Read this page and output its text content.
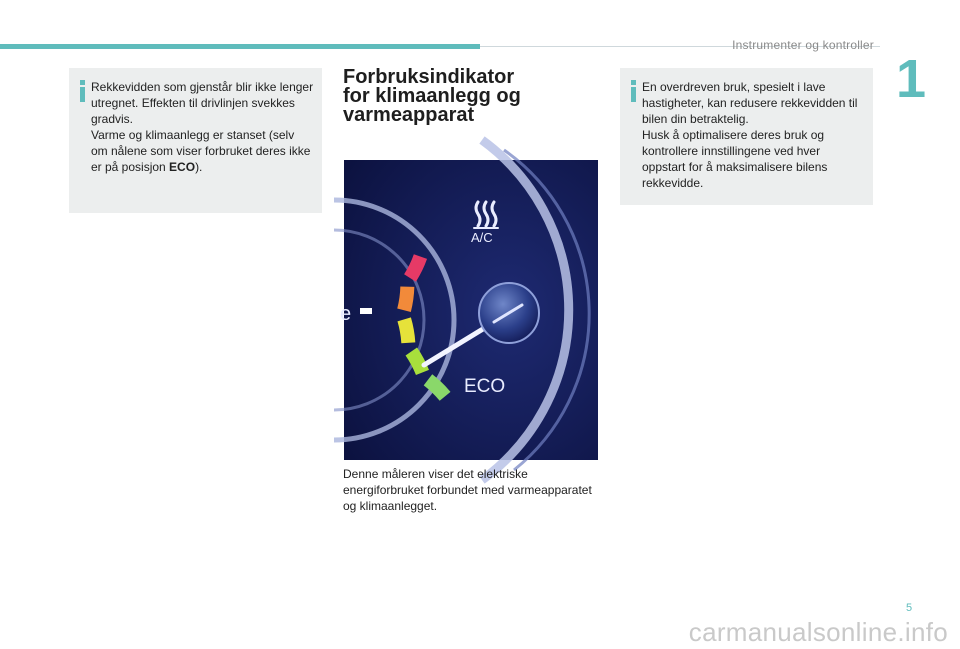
Instrumenter og kontroller
1

Rekkevidden som gjenstår blir ikke lenger utregnet. Effekten til drivlinjen svekkes gradvis.

Varme og klimaanlegg er stanset (selv om nålene som viser forbruket deres ikke er på posisjon ECO).

Forbruksindikator
for klimaanlegg og
varmeapparat
e
A/C
ECO

Denne måleren viser det elektriske energiforbruket forbundet med varmeapparatet og klimaanlegget.

En overdreven bruk, spesielt i lave hastigheter, kan redusere rekkevidden til bilen din betraktelig.

Husk å optimalisere deres bruk og kontrollere innstillingene ved hver oppstart for å maksimalisere bilens rekkevidde.

5
carmanualsonline.info
